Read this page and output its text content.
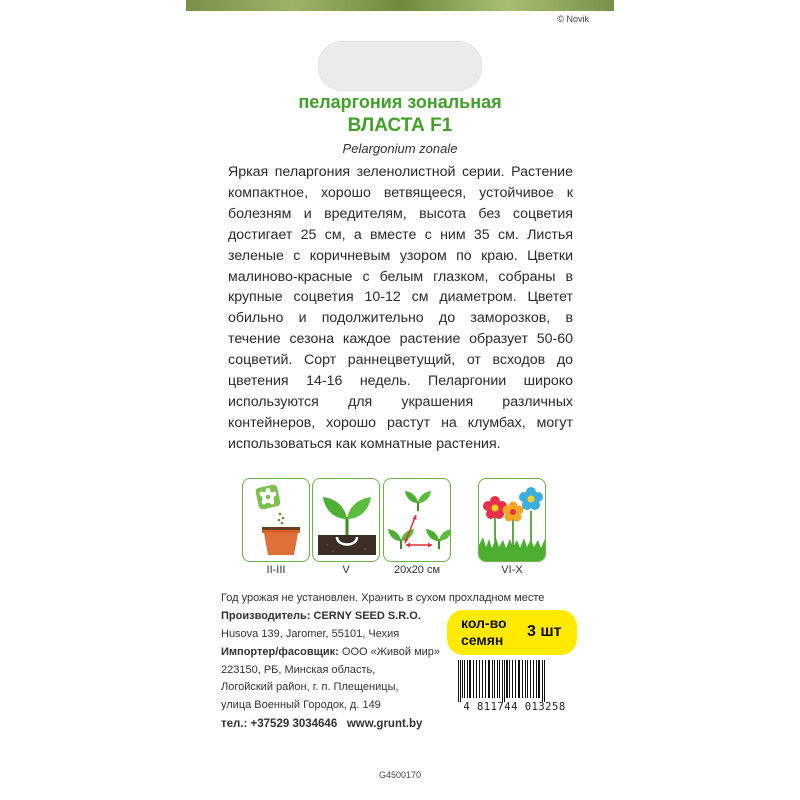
© Novik
пеларгония зональная
ВЛАСТА F1
Pelargonium zonale

Яркая пеларгония зеленолистной серии. Растение компактное, хорошо ветвящееся, устойчивое к болезням и вредителям, высота без соцветия достигает 25 см, а вместе с ним 35 см. Листья зеленые с коричневым узором по краю. Цветки малиново-красные с белым глазком, собраны в крупные соцветия 10-12 см диаметром. Цветет обильно и подолжительно до заморозков, в течение сезона каждое растение образует 50-60 соцветий. Сорт раннецветущий, от всходов до цветения 14-16 недель. Пеларгонии широко используются для украшения различных контейнеров, хорошо растут на клумбах, могут использоваться как комнатные растения.

II-III	V	20х20 см	VI-X
Год урожая не установлен. Хранить в сухом прохладном месте
Производитель: CERNY SEED S.R.O.
Husova 139, Jaromer, 55101, Чехия
Импортер/фасовщик: ООО «Живой мир»
223150, РБ, Минская область,
Логойский район, г. п. Плещеницы,
тел.: +37529 3034646 www.grunt.by
кол-во
семян 3 шт
4 811744 013258
G4500170
улица Военный Городок, д. 149
